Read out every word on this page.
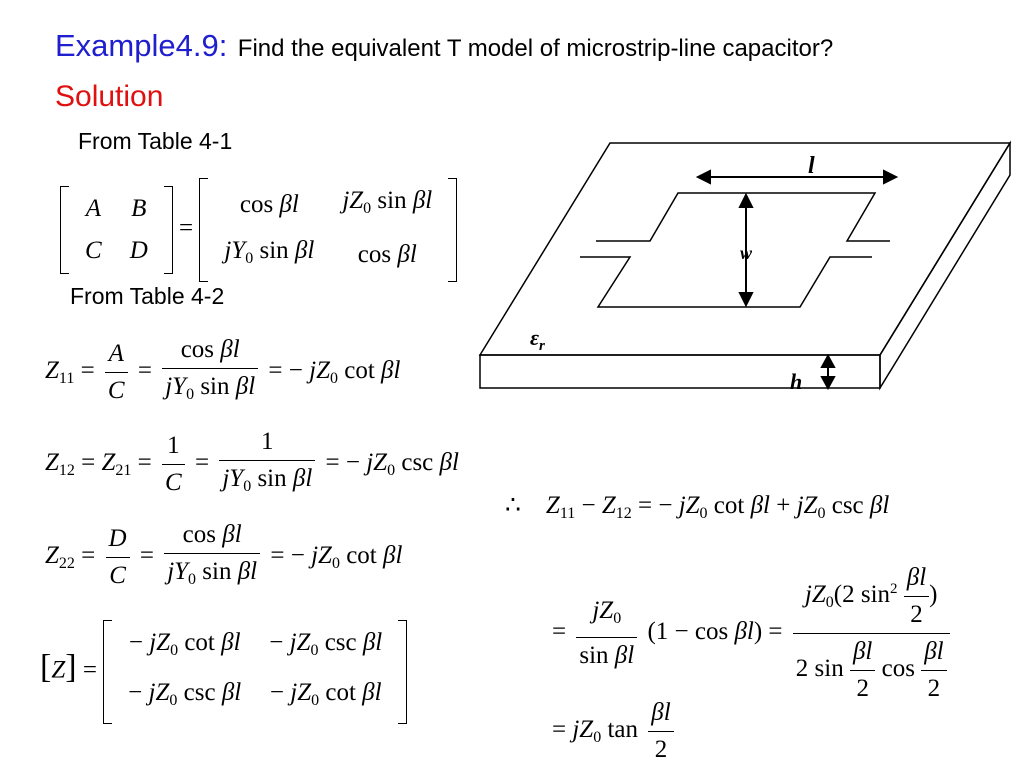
Example4.9: Find the equivalent T model of microstrip-line capacitor?
Solution
From Table 4-1
From Table 4-2
A	B
C	D
=
cos βl	$jZ_0$ sin βl
$jY_0$ sin βl	cos βl
$Z_{11} = \frac{A}{C} = \frac{\text{cos βl}}{jY_0 \sin \beta l}$ = − $jZ_0$ cot βl
$Z_{12} = Z_{21} = \frac{1}{C} = \frac{1}{jY_0 \sin \beta l}$ = − $jZ_0$ csc βl
$Z_{22} = \frac{D}{C} = \frac{\text{cos βl}}{jY_0 \sin \beta l}$ = − $jZ_0$ cot βl
[Z] =
− $jZ_0$ cot βl	− $jZ_0$ csc βl
− $jZ_0$ csc βl	− $jZ_0$ cot βl
∴    $Z_{11} - Z_{12}$ = − $jZ_0$ $\cot \beta l + jZ_0$ csc βl
= $\frac{jZ_0}{\text{sin βl}} (1 - \cos \beta l) = \frac{jZ_0(2 \sin^2 \frac{\beta l}{2} )}{2 \sin \frac{\beta l}{2} \cos \frac{\beta l}{2}}$
= $jZ_0$ $\tan \frac{\beta l}{2}$
l
w
h
$\varepsilon_r$
